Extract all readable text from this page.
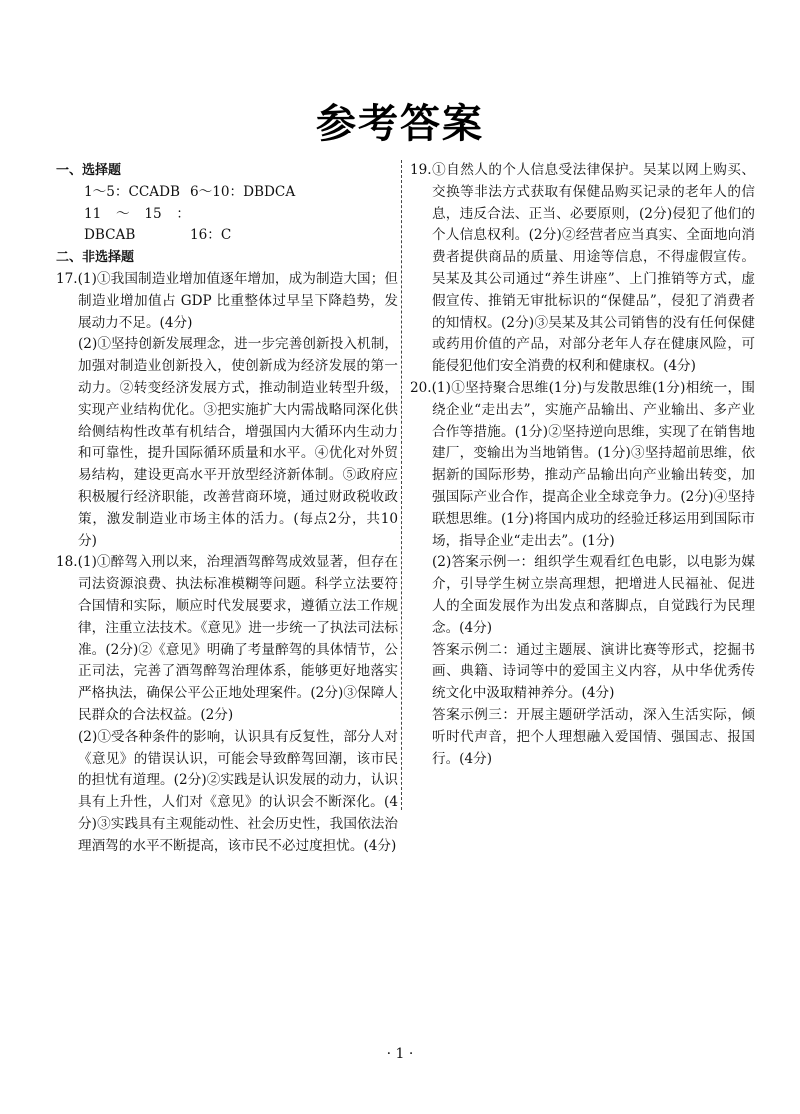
参考答案

一、选择题

1～5：CCADB 6～10：DBDCA

11～15：DBCAB	16：C

二、非选择题

17.(1)①我国制造业增加值逐年增加，成为制造大国；但制造业增加值占 GDP 比重整体过早呈下降趋势，发展动力不足。(4分)

(2)①坚持创新发展理念，进一步完善创新投入机制，加强对制造业创新投入，使创新成为经济发展的第一动力。②转变经济发展方式，推动制造业转型升级，实现产业结构优化。③把实施扩大内需战略同深化供给侧结构性改革有机结合，增强国内大循环内生动力和可靠性，提升国际循环质量和水平。④优化对外贸易结构，建设更高水平开放型经济新体制。⑤政府应积极履行经济职能，改善营商环境，通过财政税收政策，激发制造业市场主体的活力。(每点2分，共10分)

18.(1)①醉驾入刑以来，治理酒驾醉驾成效显著，但存在司法资源浪费、执法标准模糊等问题。科学立法要符合国情和实际，顺应时代发展要求，遵循立法工作规律，注重立法技术。《意见》进一步统一了执法司法标准。(2分)②《意见》明确了考量醉驾的具体情节，公正司法，完善了酒驾醉驾治理体系，能够更好地落实严格执法，确保公平公正地处理案件。(2分)③保障人民群众的合法权益。(2分)

(2)①受各种条件的影响，认识具有反复性，部分人对《意见》的错误认识，可能会导致醉驾回潮，该市民的担忧有道理。(2分)②实践是认识发展的动力，认识具有上升性，人们对《意见》的认识会不断深化。(4分)③实践具有主观能动性、社会历史性，我国依法治理酒驾的水平不断提高，该市民不必过度担忧。(4分)

19.①自然人的个人信息受法律保护。吴某以网上购买、交换等非法方式获取有保健品购买记录的老年人的信息，违反合法、正当、必要原则，(2分)侵犯了他们的个人信息权利。(2分)②经营者应当真实、全面地向消费者提供商品的质量、用途等信息，不得虚假宣传。吴某及其公司通过“养生讲座”、上门推销等方式，虚假宣传、推销无审批标识的“保健品”，侵犯了消费者的知情权。(2分)③吴某及其公司销售的没有任何保健或药用价值的产品，对部分老年人存在健康风险，可能侵犯他们安全消费的权利和健康权。(4分)

20.(1)①坚持聚合思维(1分)与发散思维(1分)相统一，围绕企业“走出去”，实施产品输出、产业输出、多产业合作等措施。(1分)②坚持逆向思维，实现了在销售地建厂，变输出为当地销售。(1分)③坚持超前思维，依据新的国际形势，推动产品输出向产业输出转变，加强国际产业合作，提高企业全球竞争力。(2分)④坚持联想思维。(1分)将国内成功的经验迁移运用到国际市场，指导企业“走出去”。(1分)

(2)答案示例一：组织学生观看红色电影，以电影为媒介，引导学生树立崇高理想，把增进人民福祉、促进人的全面发展作为出发点和落脚点，自觉践行为民理念。(4分)

答案示例二：通过主题展、演讲比赛等形式，挖掘书画、典籍、诗词等中的爱国主义内容，从中华优秀传统文化中汲取精神养分。(4分)

答案示例三：开展主题研学活动，深入生活实际，倾听时代声音，把个人理想融入爱国情、强国志、报国行。(4分)

· 1 ·
